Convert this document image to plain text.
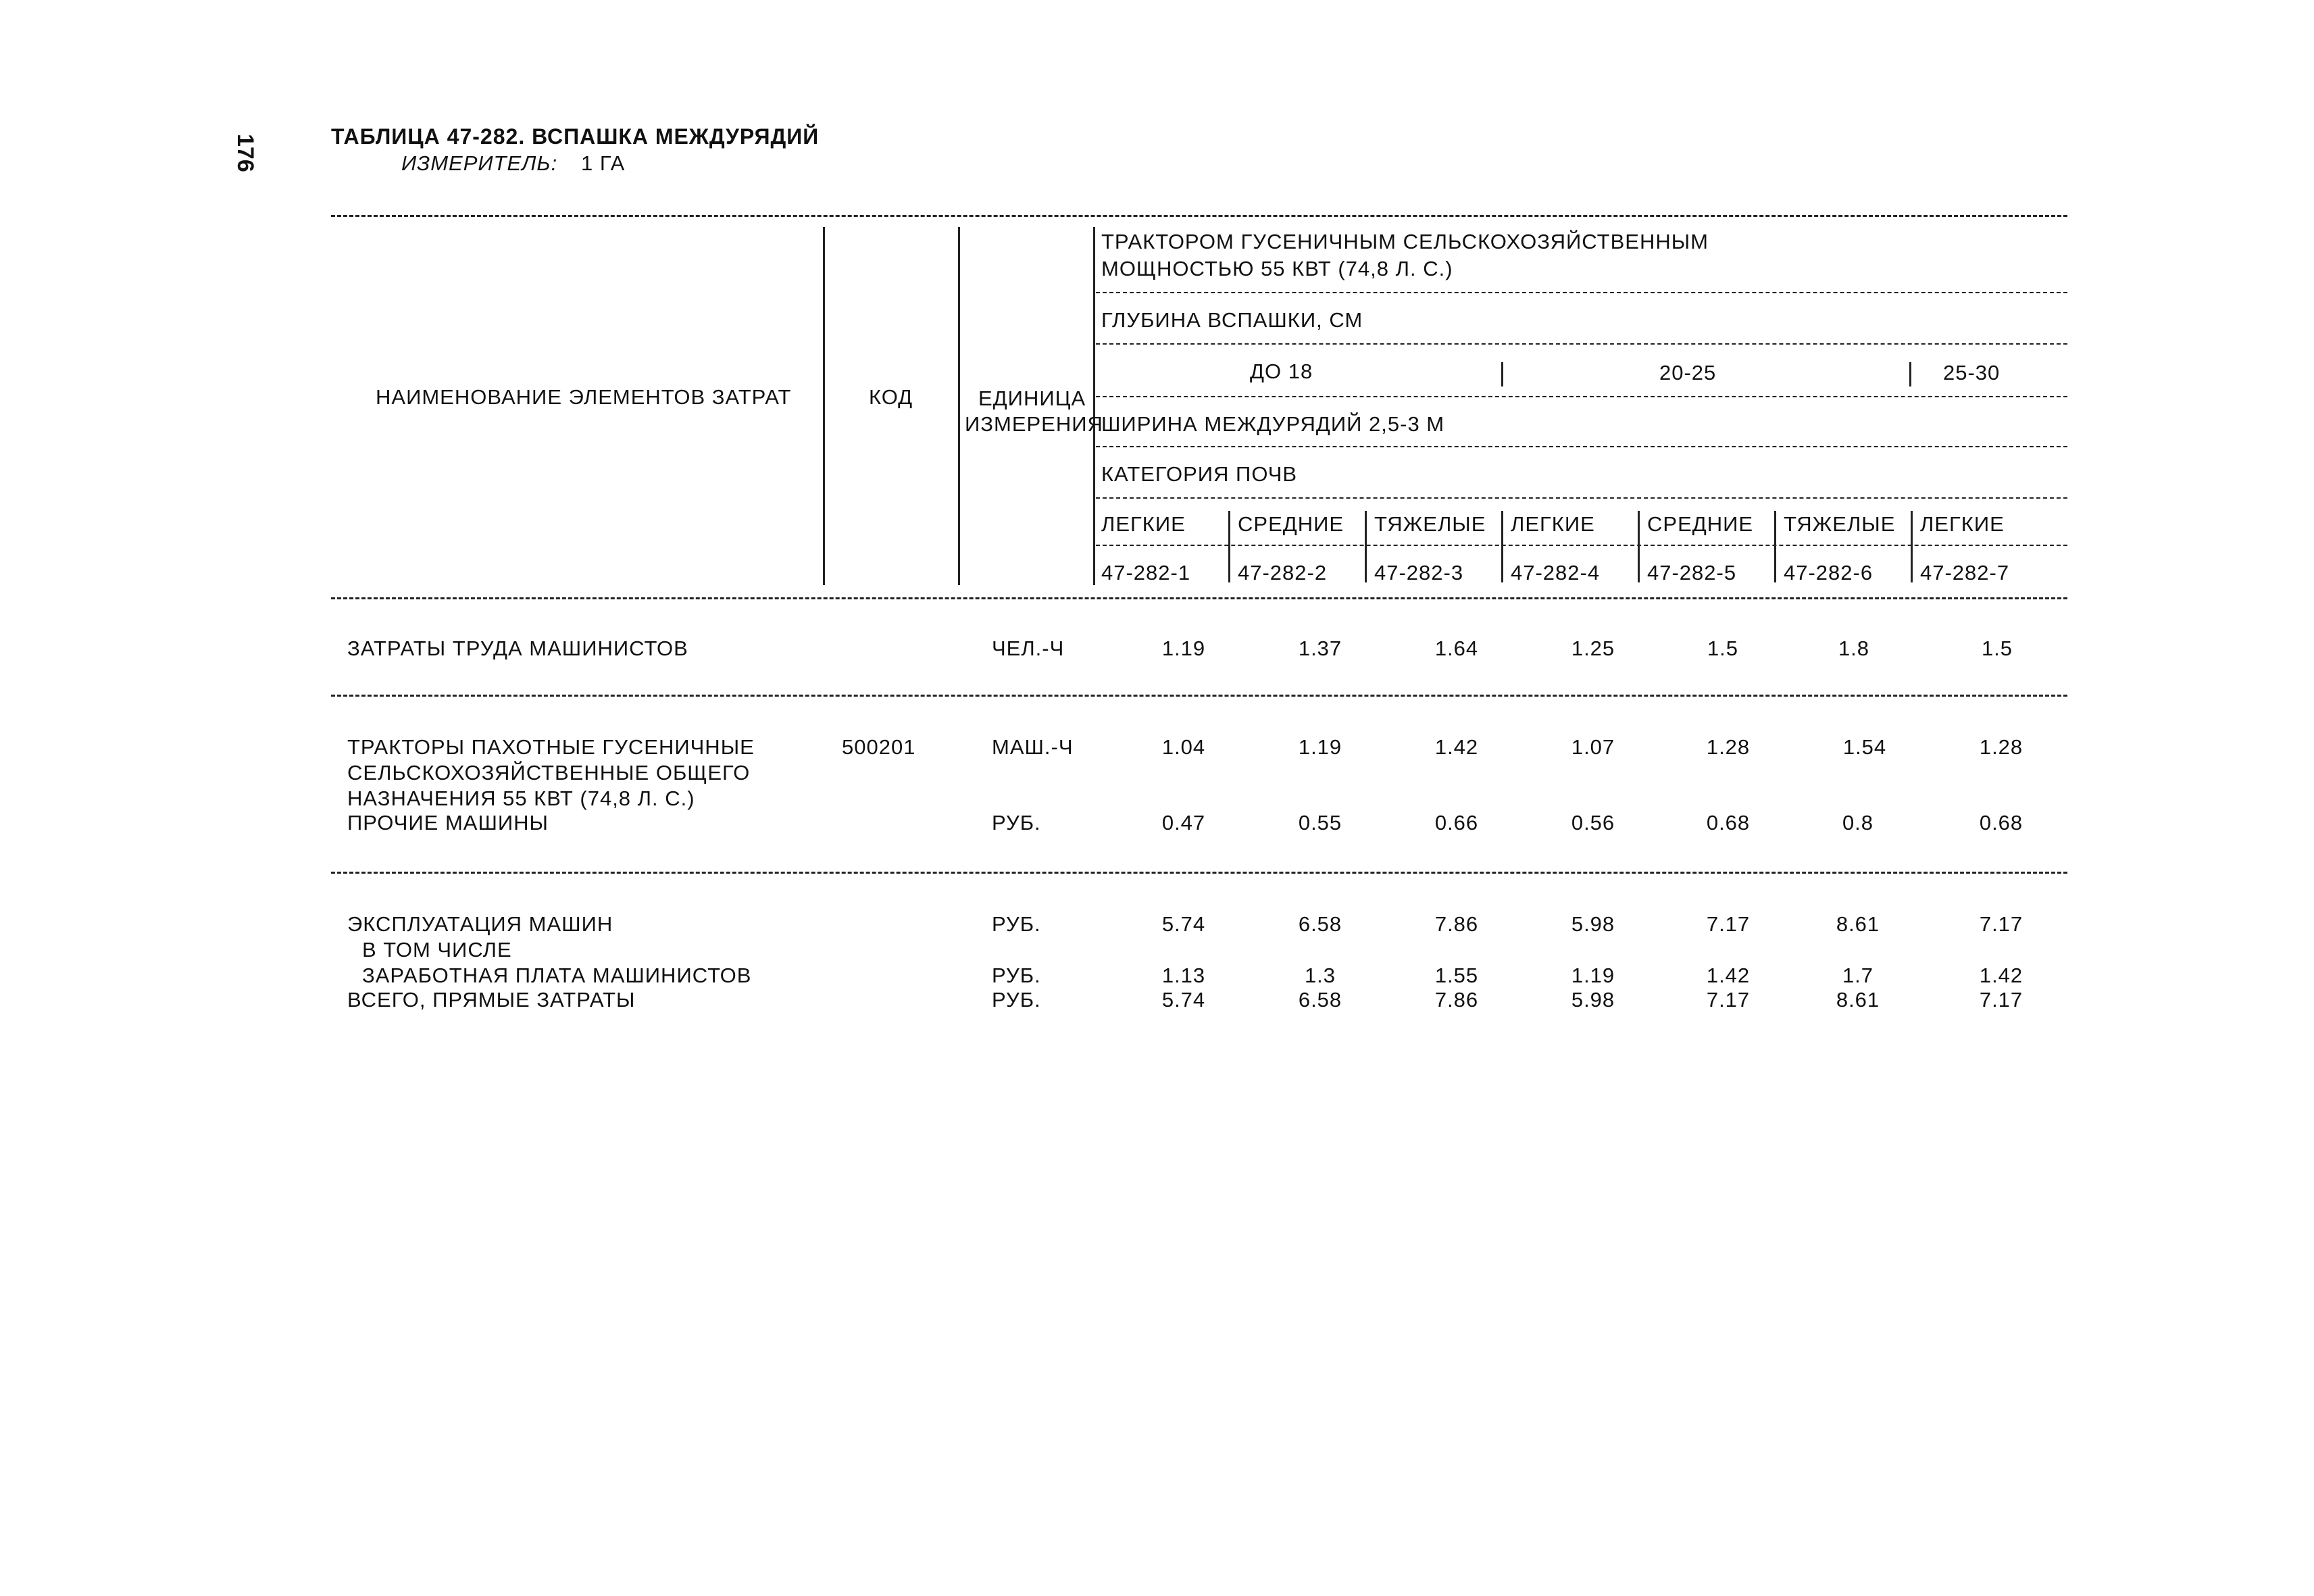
176	ТАБЛИЦА 47-282. ВСПАШКА МЕЖДУРЯДИЙ
ИЗМЕРИТЕЛЬ: 1 ГА
НАИМЕНОВАНИЕ ЭЛЕМЕНТОВ ЗАТРАТ	КОД	ЕДИНИЦА
ИЗМЕРЕНИЯ
ТРАКТОРОМ ГУСЕНИЧНЫМ СЕЛЬСКОХОЗЯЙСТВЕННЫМ
МОЩНОСТЬЮ 55 КВТ (74,8 Л. С.)
ГЛУБИНА ВСПАШКИ, СМ
ДО 18	20-25	25-30
ШИРИНА МЕЖДУРЯДИЙ 2,5-3 М
КАТЕГОРИЯ ПОЧВ
ЛЕГКИЕ СРЕДНИЕ ТЯЖЕЛЫЕ ЛЕГКИЕ СРЕДНИЕ ТЯЖЕЛЫЕ ЛЕГКИЕ
47-282-1 47-282-2 47-282-3 47-282-4 47-282-5 47-282-6 47-282-7
ЗАТРАТЫ ТРУДА МАШИНИСТОВ	ЧЕЛ.-Ч	1.19	1.37	1.64	1.25	1.5	1.8	1.5
ТРАКТОРЫ ПАХОТНЫЕ ГУСЕНИЧНЫЕ
СЕЛЬСКОХОЗЯЙСТВЕННЫЕ ОБЩЕГО
НАЗНАЧЕНИЯ 55 КВТ (74,8 Л. С.)
500201	МАШ.-Ч	1.04	1.19	1.42	1.07	1.28	1.54	1.28
ПРОЧИЕ МАШИНЫ	РУБ.	0.47	0.55	0.66	0.56	0.68	0.8	0.68
ЭКСПЛУАТАЦИЯ МАШИН	РУБ.	5.74	6.58	7.86	5.98	7.17	8.61	7.17
В ТОМ ЧИСЛЕ
ЗАРАБОТНАЯ ПЛАТА МАШИНИСТОВ	РУБ.	1.13	1.3	1.55	1.19	1.42	1.7	1.42
ВСЕГО, ПРЯМЫЕ ЗАТРАТЫ	РУБ.	5.74	6.58	7.86	5.98	7.17	8.61	7.17
